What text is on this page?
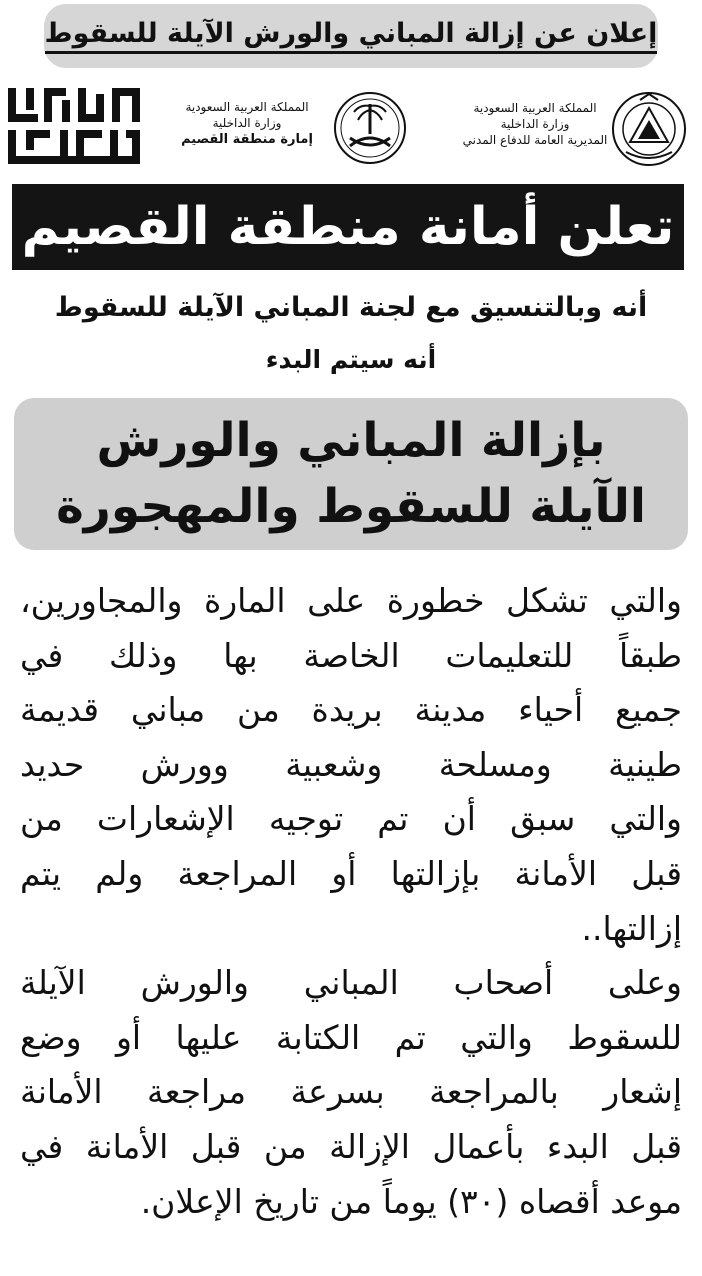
إعلان عن إزالة المباني والورش الآيلة للسقوط
المملكة العربية السعودية
وزارة الداخلية
المديرية العامة للدفاع المدني
المملكة العربية السعودية
وزارة الداخلية
إمارة منطقة القصيم
تعلن أمانة منطقة القصيم
أنه وبالتنسيق مع لجنة المباني الآيلة للسقوط
أنه سيتم البدء
بإزالة المباني والورش
الآيلة للسقوط والمهجورة
والتي تشكل خطورة على المارة والمجاورين،
طبقاً للتعليمات الخاصة بها وذلك في
جميع أحياء مدينة بريدة من مباني قديمة
طينية ومسلحة وشعبية وورش حديد
والتي سبق أن تم توجيه الإشعارات من
قبل الأمانة بإزالتها أو المراجعة ولم يتم
إزالتها..
وعلى أصحاب المباني والورش الآيلة
للسقوط والتي تم الكتابة عليها أو وضع
إشعار بالمراجعة بسرعة مراجعة الأمانة
قبل البدء بأعمال الإزالة من قبل الأمانة في
موعد أقصاه (٣٠) يوماً من تاريخ الإعلان.
